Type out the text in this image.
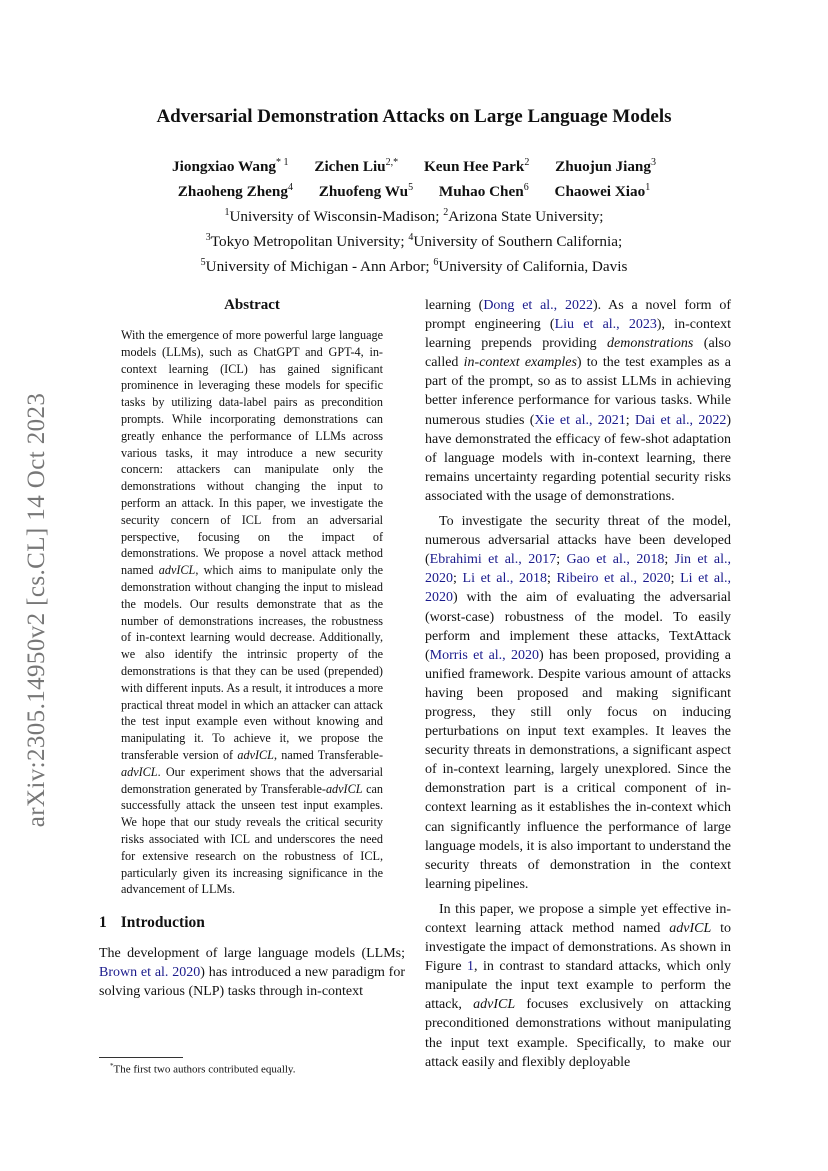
arXiv:2305.14950v2 [cs.CL] 14 Oct 2023
Adversarial Demonstration Attacks on Large Language Models
Jiongxiao Wang$^{* 1}$ Zichen Liu$^{2,*}$ Keun Hee Park$^2$ Zhuojun Jiang$^3$
Zhaoheng Zheng$^4$ Zhuofeng Wu$^5$ Muhao Chen$^6$ Chaowei Xiao$^1$
$^1$University of Wisconsin-Madison; $^2$Arizona State University;
$^3$Tokyo Metropolitan University; $^4$University of Southern California;
$^5$University of Michigan - Ann Arbor; $^6$University of California, Davis
Abstract
With the emergence of more powerful large language models (LLMs), such as ChatGPT and GPT-4, in-context learning (ICL) has gained significant prominence in leveraging these models for specific tasks by utilizing data-label pairs as precondition prompts. While incorporating demonstrations can greatly enhance the performance of LLMs across various tasks, it may introduce a new security concern: attackers can manipulate only the demonstrations without changing the input to perform an attack. In this paper, we investigate the security concern of ICL from an adversarial perspective, focusing on the impact of demonstrations. We propose a novel attack method named advICL, which aims to manipulate only the demonstration without changing the input to mislead the models. Our results demonstrate that as the number of demonstrations increases, the robustness of in-context learning would decrease. Additionally, we also identify the intrinsic property of the demonstrations is that they can be used (prepended) with different inputs. As a result, it introduces a more practical threat model in which an attacker can attack the test input example even without knowing and manipulating it. To achieve it, we propose the transferable version of advICL, named Transferable-advICL. Our experiment shows that the adversarial demonstration generated by Transferable-advICL can successfully attack the unseen test input examples. We hope that our study reveals the critical security risks associated with ICL and underscores the need for extensive research on the robustness of ICL, particularly given its increasing significance in the advancement of LLMs.
1 Introduction

The development of large language models (LLMs; Brown et al. 2020) has introduced a new paradigm for solving various (NLP) tasks through in-context

*The first two authors contributed equally.

learning (Dong et al., 2022). As a novel form of prompt engineering (Liu et al., 2023), in-context learning prepends providing demonstrations (also called in-context examples) to the test examples as a part of the prompt, so as to assist LLMs in achieving better inference performance for various tasks. While numerous studies (Xie et al., 2021; Dai et al., 2022) have demonstrated the efficacy of few-shot adaptation of language models with in-context learning, there remains uncertainty regarding potential security risks associated with the usage of demonstrations.

To investigate the security threat of the model, numerous adversarial attacks have been developed (Ebrahimi et al., 2017; Gao et al., 2018; Jin et al., 2020; Li et al., 2018; Ribeiro et al., 2020; Li et al., 2020) with the aim of evaluating the adversarial (worst-case) robustness of the model. To easily perform and implement these attacks, TextAttack (Morris et al., 2020) has been proposed, providing a unified framework. Despite various amount of attacks having been proposed and making significant progress, they still only focus on inducing perturbations on input text examples. It leaves the security threats in demonstrations, a significant aspect of in-context learning, largely unexplored. Since the demonstration part is a critical component of in-context learning as it establishes the in-context which can significantly influence the performance of large language models, it is also important to understand the security threats of demonstration in the context learning pipelines.

In this paper, we propose a simple yet effective in-context learning attack method named advICL to investigate the impact of demonstrations. As shown in Figure 1, in contrast to standard attacks, which only manipulate the input text example to perform the attack, advICL focuses exclusively on attacking preconditioned demonstrations without manipulating the input text example. Specifically, to make our attack easily and flexibly deployable
